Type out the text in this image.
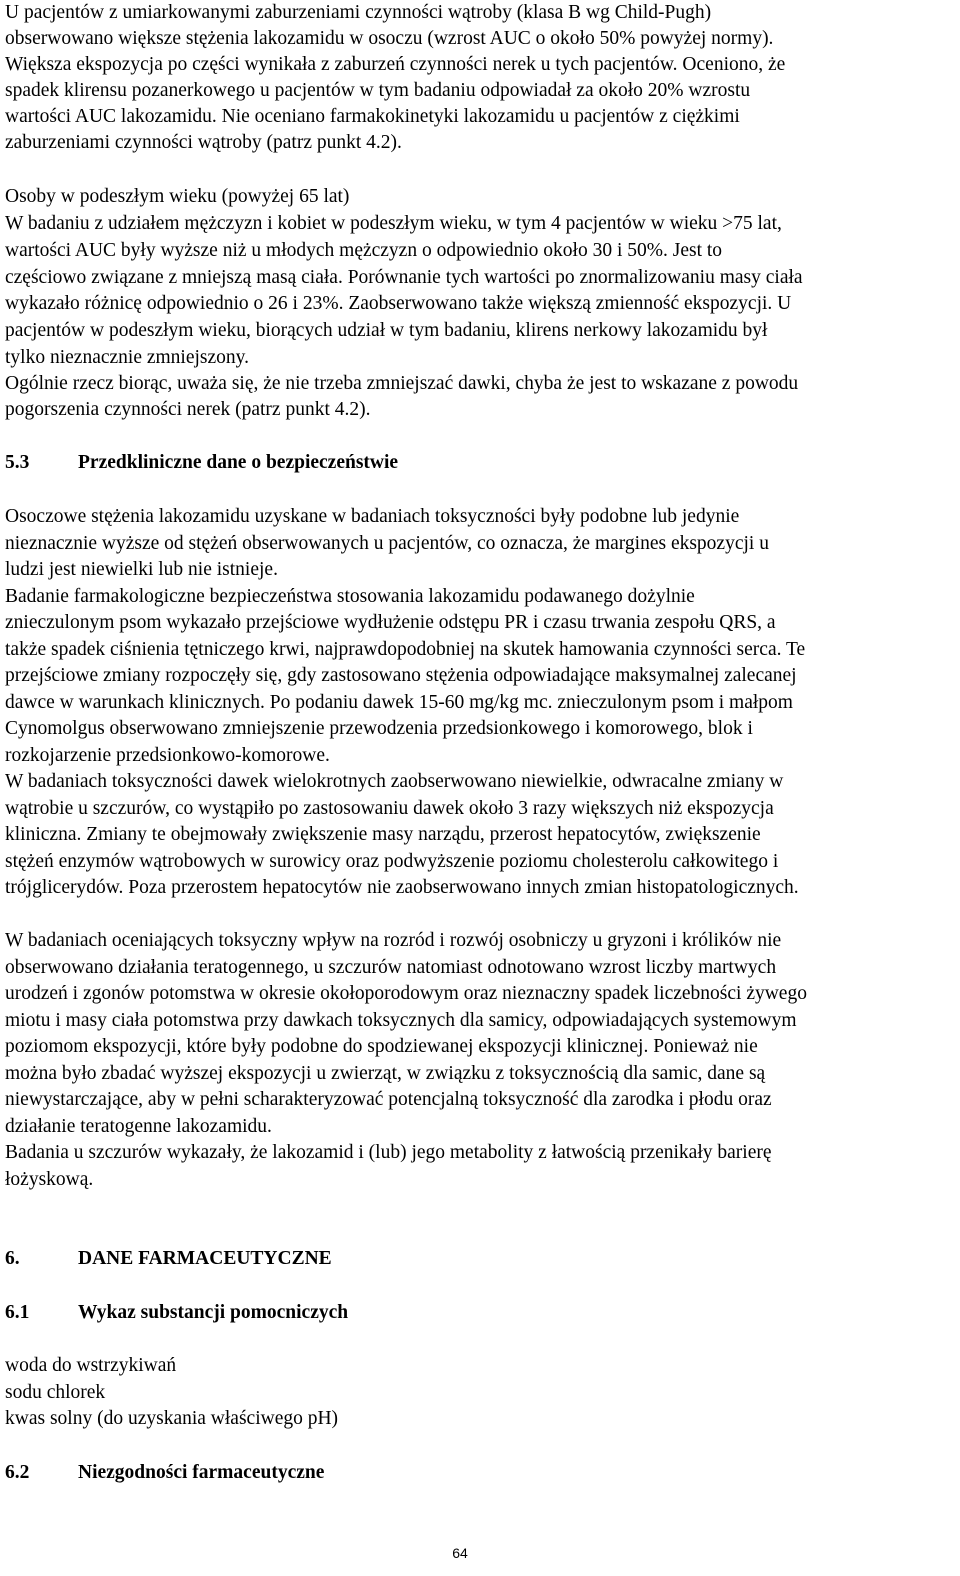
U pacjentów z umiarkowanymi zaburzeniami czynności wątroby (klasa B wg Child-Pugh)
obserwowano większe stężenia lakozamidu w osoczu (wzrost AUC o około 50% powyżej normy).
Większa ekspozycja po części wynikała z zaburzeń czynności nerek u tych pacjentów. Oceniono, że
spadek klirensu pozanerkowego u pacjentów w tym badaniu odpowiadał za około 20% wzrostu
wartości AUC lakozamidu. Nie oceniano farmakokinetyki lakozamidu u pacjentów z ciężkimi
zaburzeniami czynności wątroby (patrz punkt 4.2).
Osoby w podeszłym wieku (powyżej 65 lat)
W badaniu z udziałem mężczyzn i kobiet w podeszłym wieku, w tym 4 pacjentów w wieku >75 lat,
wartości AUC były wyższe niż u młodych mężczyzn o odpowiednio około 30 i 50%. Jest to
częściowo związane z mniejszą masą ciała. Porównanie tych wartości po znormalizowaniu masy ciała
wykazało różnicę odpowiednio o 26 i 23%. Zaobserwowano także większą zmienność ekspozycji. U
pacjentów w podeszłym wieku, biorących udział w tym badaniu, klirens nerkowy lakozamidu był
tylko nieznacznie zmniejszony.
Ogólnie rzecz biorąc, uważa się, że nie trzeba zmniejszać dawki, chyba że jest to wskazane z powodu
pogorszenia czynności nerek (patrz punkt 4.2).
5.3 Przedkliniczne dane o bezpieczeństwie
Osoczowe stężenia lakozamidu uzyskane w badaniach toksyczności były podobne lub jedynie
nieznacznie wyższe od stężeń obserwowanych u pacjentów, co oznacza, że margines ekspozycji u
ludzi jest niewielki lub nie istnieje.
Badanie farmakologiczne bezpieczeństwa stosowania lakozamidu podawanego dożylnie
znieczulonym psom wykazało przejściowe wydłużenie odstępu PR i czasu trwania zespołu QRS, a
także spadek ciśnienia tętniczego krwi, najprawdopodobniej na skutek hamowania czynności serca. Te
przejściowe zmiany rozpoczęły się, gdy zastosowano stężenia odpowiadające maksymalnej zalecanej
dawce w warunkach klinicznych. Po podaniu dawek 15-60 mg/kg mc. znieczulonym psom i małpom
Cynomolgus obserwowano zmniejszenie przewodzenia przedsionkowego i komorowego, blok i
rozkojarzenie przedsionkowo-komorowe.
W badaniach toksyczności dawek wielokrotnych zaobserwowano niewielkie, odwracalne zmiany w
wątrobie u szczurów, co wystąpiło po zastosowaniu dawek około 3 razy większych niż ekspozycja
kliniczna. Zmiany te obejmowały zwiększenie masy narządu, przerost hepatocytów, zwiększenie
stężeń enzymów wątrobowych w surowicy oraz podwyższenie poziomu cholesterolu całkowitego i
trójglicerydów. Poza przerostem hepatocytów nie zaobserwowano innych zmian histopatologicznych.
W badaniach oceniających toksyczny wpływ na rozród i rozwój osobniczy u gryzoni i królików nie
obserwowano działania teratogennego, u szczurów natomiast odnotowano wzrost liczby martwych
urodzeń i zgonów potomstwa w okresie okołoporodowym oraz nieznaczny spadek liczebności żywego
miotu i masy ciała potomstwa przy dawkach toksycznych dla samicy, odpowiadających systemowym
poziomom ekspozycji, które były podobne do spodziewanej ekspozycji klinicznej. Ponieważ nie
można było zbadać wyższej ekspozycji u zwierząt, w związku z toksycznością dla samic, dane są
niewystarczające, aby w pełni scharakteryzować potencjalną toksyczność dla zarodka i płodu oraz
działanie teratogenne lakozamidu.
Badania u szczurów wykazały, że lakozamid i (lub) jego metabolity z łatwością przenikały barierę
łożyskową.
6.	DANE FARMACEUTYCZNE
6.1 Wykaz substancji pomocniczych
woda do wstrzykiwań
sodu chlorek
kwas solny (do uzyskania właściwego pH)
6.2 Niezgodności farmaceutyczne
64
